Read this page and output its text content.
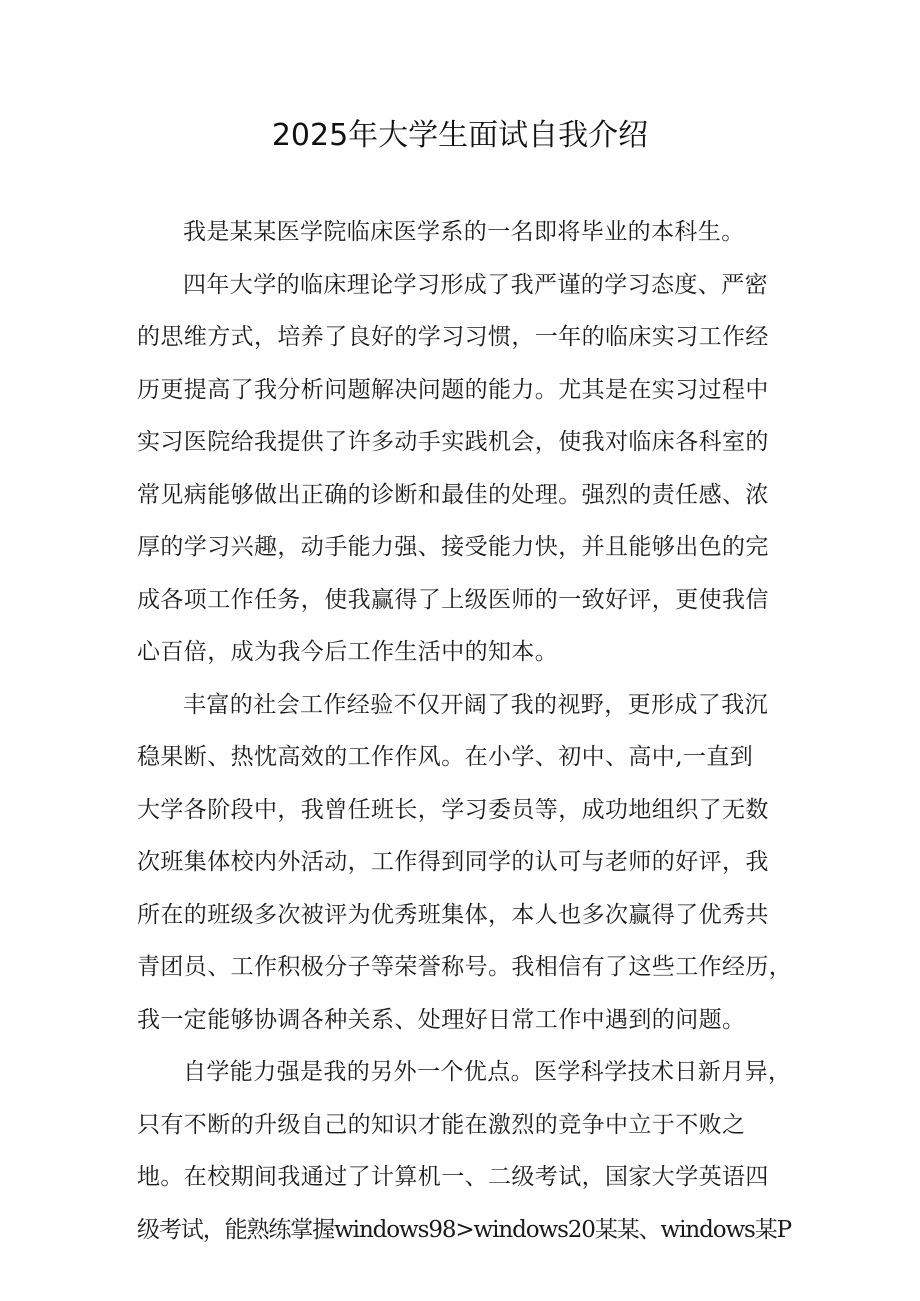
2025年大学生面试自我介绍
我是某某医学院临床医学系的一名即将毕业的本科生。
四年大学的临床理论学习形成了我严谨的学习态度、严密
的思维方式，培养了良好的学习习惯，一年的临床实习工作经
历更提高了我分析问题解决问题的能力。尤其是在实习过程中
实习医院给我提供了许多动手实践机会，使我对临床各科室的
常见病能够做出正确的诊断和最佳的处理。强烈的责任感、浓
厚的学习兴趣，动手能力强、接受能力快，并且能够出色的完
成各项工作任务，使我赢得了上级医师的一致好评，更使我信
心百倍，成为我今后工作生活中的知本。
丰富的社会工作经验不仅开阔了我的视野，更形成了我沉
稳果断、热忱高效的工作作风。在小学、初中、高中,一直到
大学各阶段中，我曾任班长，学习委员等，成功地组织了无数
次班集体校内外活动，工作得到同学的认可与老师的好评，我
所在的班级多次被评为优秀班集体，本人也多次赢得了优秀共
青团员、工作积极分子等荣誉称号。我相信有了这些工作经历，
我一定能够协调各种关系、处理好日常工作中遇到的问题。
自学能力强是我的另外一个优点。医学科学技术日新月异，
只有不断的升级自己的知识才能在激烈的竞争中立于不败之
地。在校期间我通过了计算机一、二级考试，国家大学英语四
级考试，能熟练掌握windows98>windows20某某、windows某P
